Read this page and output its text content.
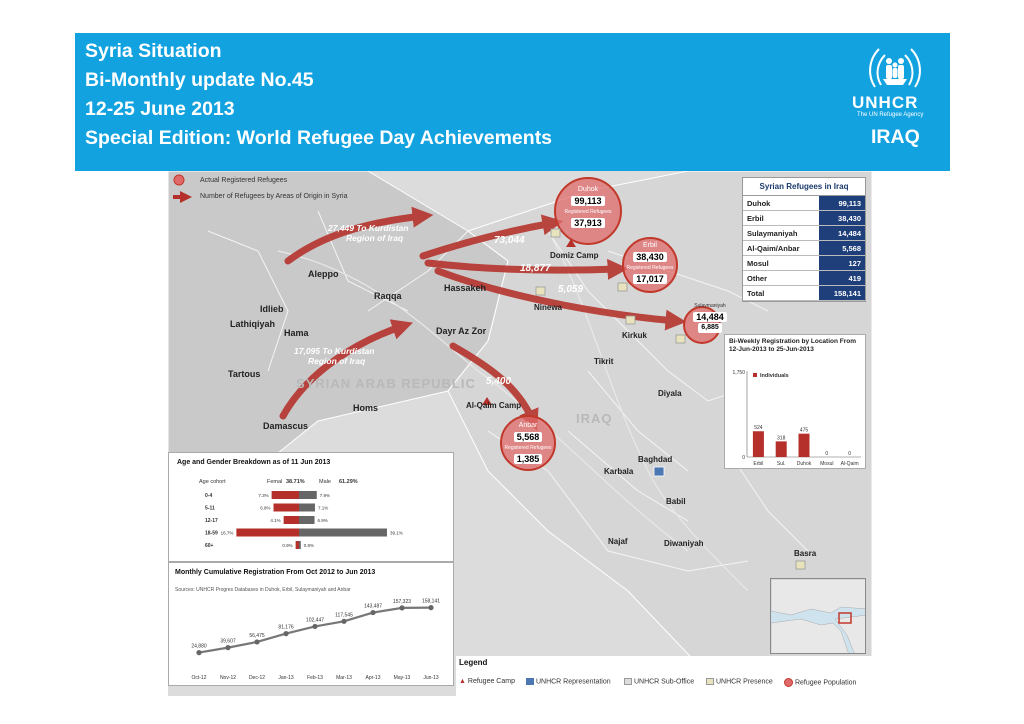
Syria Situation
Bi-Monthly update No.45
12-25 June 2013
Special Edition: World Refugee Day Achievements
UNHCR
The UN Refugee Agency
IRAQ
Actual Registered Refugees
Number of Refugees by Areas of Origin in Syria
SYRIAN ARAB REPUBLIC
IRAQ
Aleppo
Idlieb
Lathiqiyah
Hama
Raqqa
Hassakeh
Dayr Az Zor
Tartous
Homs
Damascus
Ninewa
Kirkuk
Tikrit
Diyala
Baghdad
Karbala
Babil
Najaf	Diwaniyah
Basra
Domiz Camp
Al-Qaim Camp
27,449 To Kurdistan
Region of Iraq
17,095 To Kurdistan
Region of Iraq
73,044
18,877
5,059
5,400
Duhok
99,113
Registered Refugees
37,913
Erbil
38,430
Registered Refugees
17,017
Sulaymaniyah
14,484
6,885
Anbar
5,568
Registered Refugees
1,385
Syrian Refugees in Iraq
Duhok	99,113
Erbil	38,430
Sulaymaniyah	14,484
Al-Qaim/Anbar	5,568
Mosul	127
Other	419
Total	158,141
Bi-Weekly Registration by Location From 12-Jun-2013 to 25-Jun-2013
1,750
0
Individuals
524
Erbil
318
Sul.
475
Duhok
0
Mosul
0
Al-Qaim
Age and Gender Breakdown as of 11 Jun 2013
Age cohort	Femal 38.71%	Male 61.29%
0-4	7.3%	7.9%
5-11	6.8%	7.1%
12-17	4.1%	6.9%
18-59 16.7%	39.1%
60+	0.9% 0.8%
Monthly Cumulative Registration From Oct 2012 to Jun 2013
Sources: UNHCR Progres Databases in Duhok, Erbil, Sulaymaniyah and Anbar
24,880
Oct-12
39,607
Nov-12
56,475
Dec-12
81,176
Jan-13
102,447
Feb-13
117,545
Mar-13
143,487
Apr-13
157,323
May-13
158,141
Jun-13
Legend
▲ Refugee Camp	UNHCR Representation	UNHCR Sub-Office	UNHCR Presence	Refugee Population
